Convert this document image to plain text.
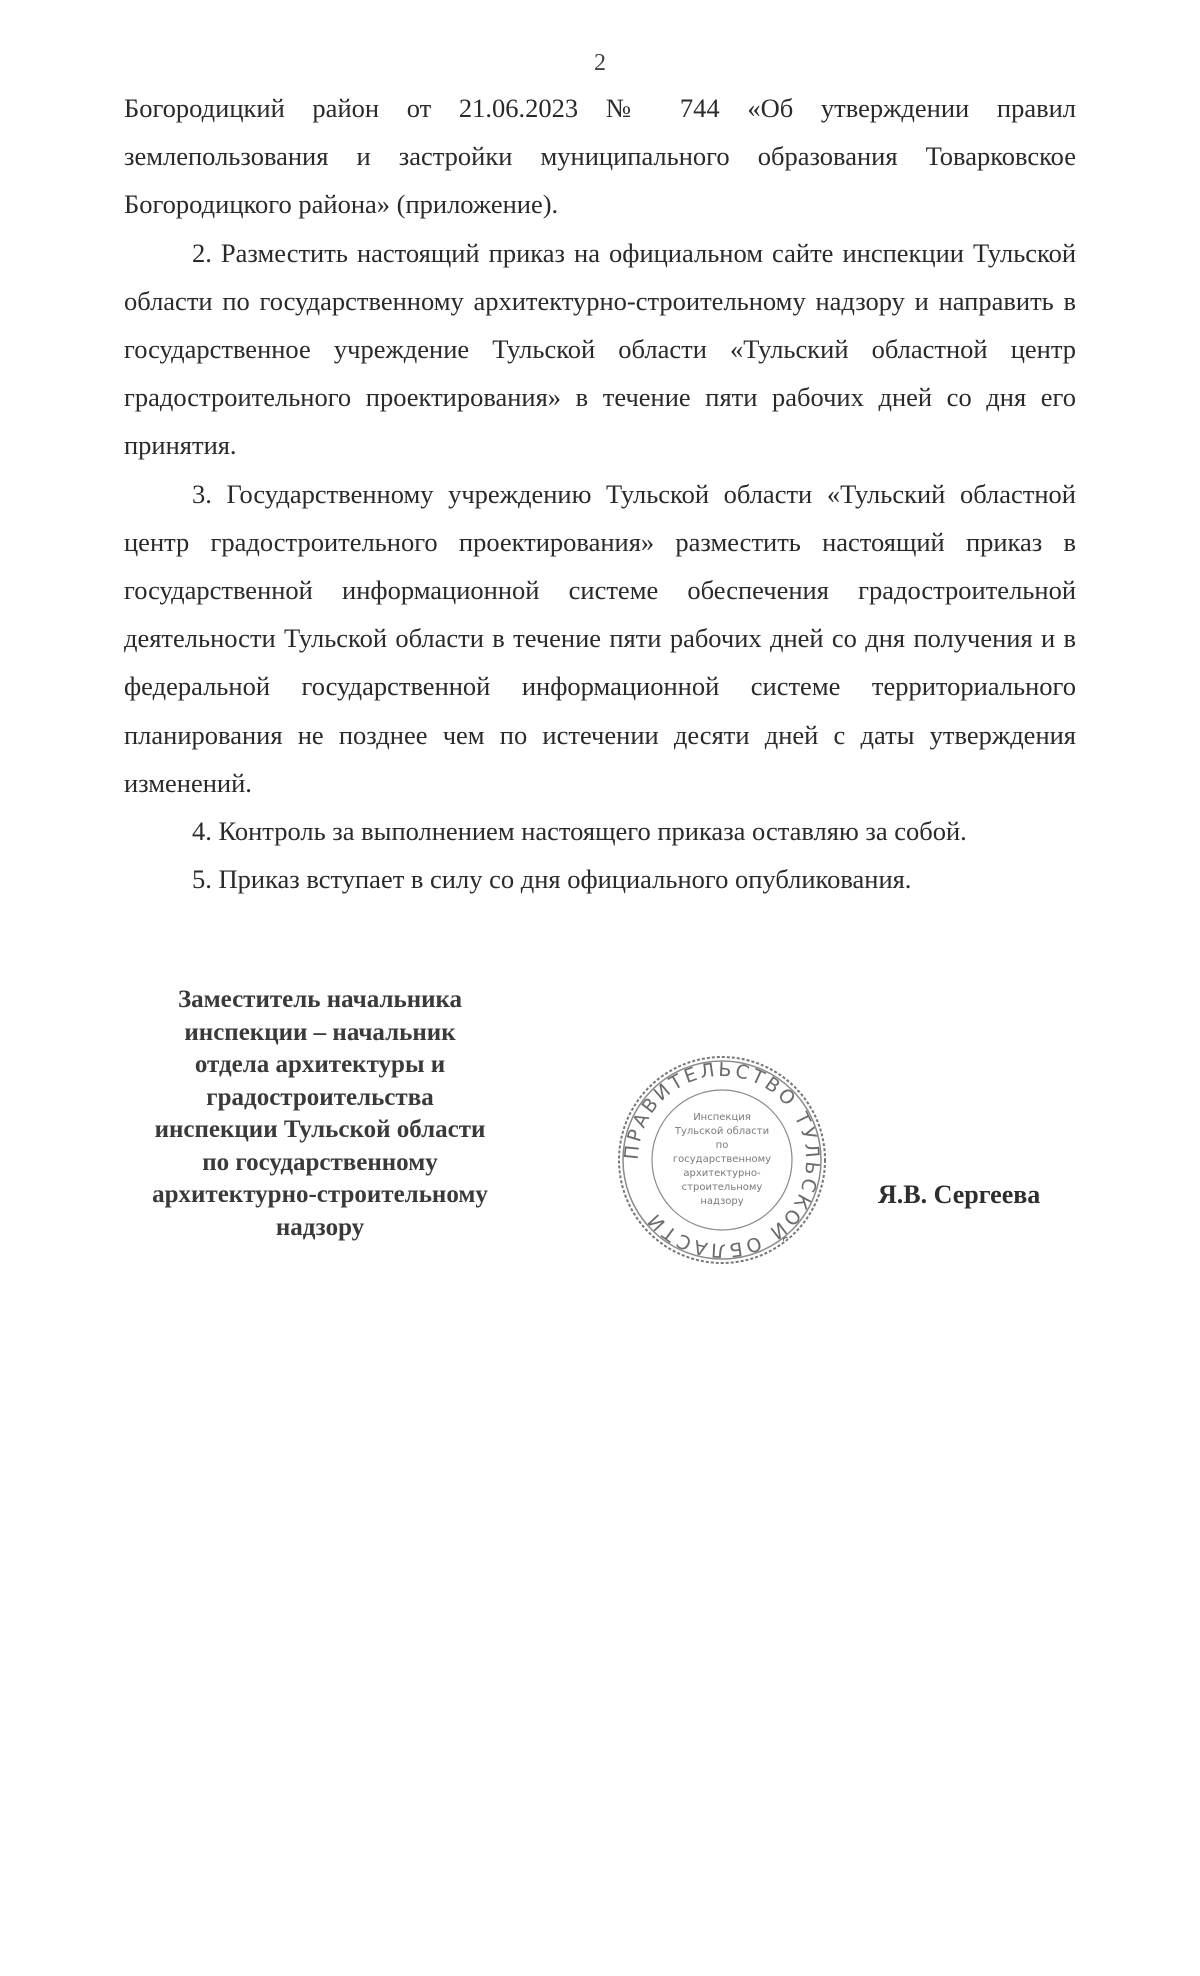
2

Богородицкий район от 21.06.2023 № 744 «Об утверждении правил землепользования и застройки муниципального образования Товарковское Богородицкого района» (приложение).

2. Разместить настоящий приказ на официальном сайте инспекции Тульской области по государственному архитектурно-строительному надзору и направить в государственное учреждение Тульской области «Тульский областной центр градостроительного проектирования» в течение пяти рабочих дней со дня его принятия.

3. Государственному учреждению Тульской области «Тульский областной центр градостроительного проектирования» разместить настоящий приказ в государственной информационной системе обеспечения градостроительной деятельности Тульской области в течение пяти рабочих дней со дня получения и в федеральной государственной информационной системе территориального планирования не позднее чем по истечении десяти дней с даты утверждения изменений.

4. Контроль за выполнением настоящего приказа оставляю за собой.

5. Приказ вступает в силу со дня официального опубликования.

Заместитель начальника
инспекции – начальник
отдела архитектуры и
градостроительства
инспекции Тульской области
по государственному
архитектурно-строительному
надзору
ПРАВИТЕЛЬСТВО ТУЛЬСКОЙ ОБЛАСТИ
Инспекция
Тульской области
по
государственному
архитектурно-
строительному
надзору	Я.В. Сергеева
